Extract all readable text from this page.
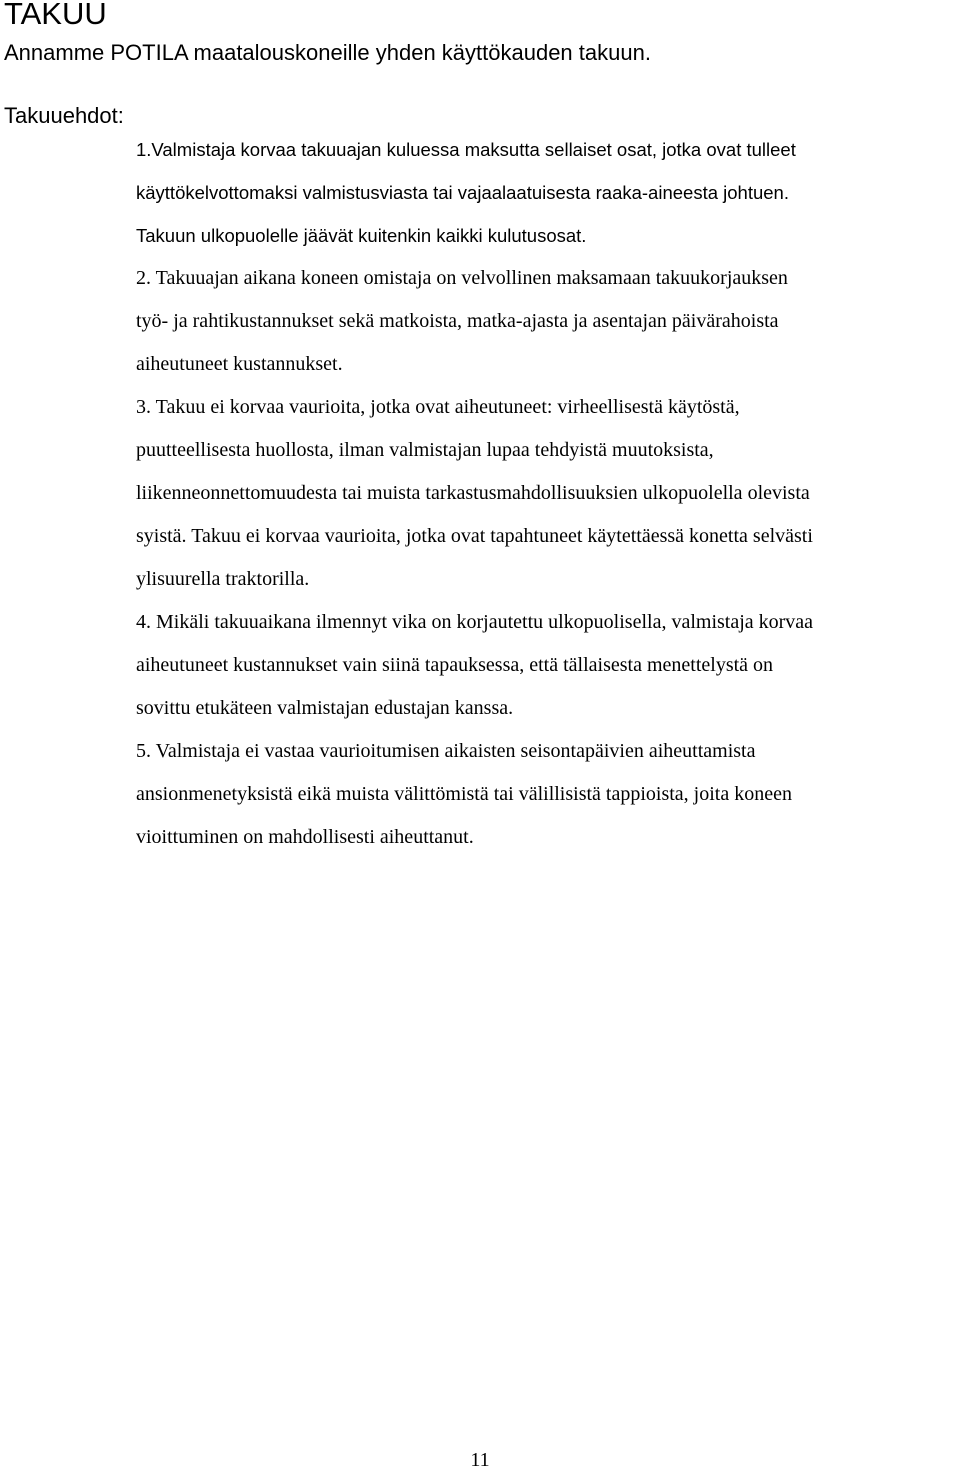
TAKUU

Annamme POTILA maatalouskoneille yhden käyttökauden takuun.

Takuuehdot:

1.Valmistaja korvaa takuuajan kuluessa maksutta sellaiset osat, jotka ovat tulleet
käyttökelvottomaksi valmistusviasta tai vajaalaatuisesta raaka-aineesta johtuen.
Takuun ulkopuolelle jäävät kuitenkin kaikki kulutusosat.
2. Takuuajan aikana koneen omistaja on velvollinen maksamaan takuukorjauksen
työ- ja rahtikustannukset sekä matkoista, matka-ajasta ja asentajan päivärahoista
aiheutuneet kustannukset.
3. Takuu ei korvaa vaurioita, jotka ovat aiheutuneet: virheellisestä käytöstä,
puutteellisesta huollosta, ilman valmistajan lupaa tehdyistä muutoksista,
liikenneonnettomuudesta tai muista tarkastusmahdollisuuksien ulkopuolella olevista
syistä. Takuu ei korvaa vaurioita, jotka ovat tapahtuneet käytettäessä konetta selvästi
ylisuurella traktorilla.
4. Mikäli takuuaikana ilmennyt vika on korjautettu ulkopuolisella, valmistaja korvaa
aiheutuneet kustannukset vain siinä tapauksessa, että tällaisesta menettelystä on
sovittu etukäteen valmistajan edustajan kanssa.
5. Valmistaja ei vastaa vaurioitumisen aikaisten seisontapäivien aiheuttamista
ansionmenetyksistä eikä muista välittömistä tai välillisistä tappioista, joita koneen
vioittuminen on mahdollisesti aiheuttanut.

11
